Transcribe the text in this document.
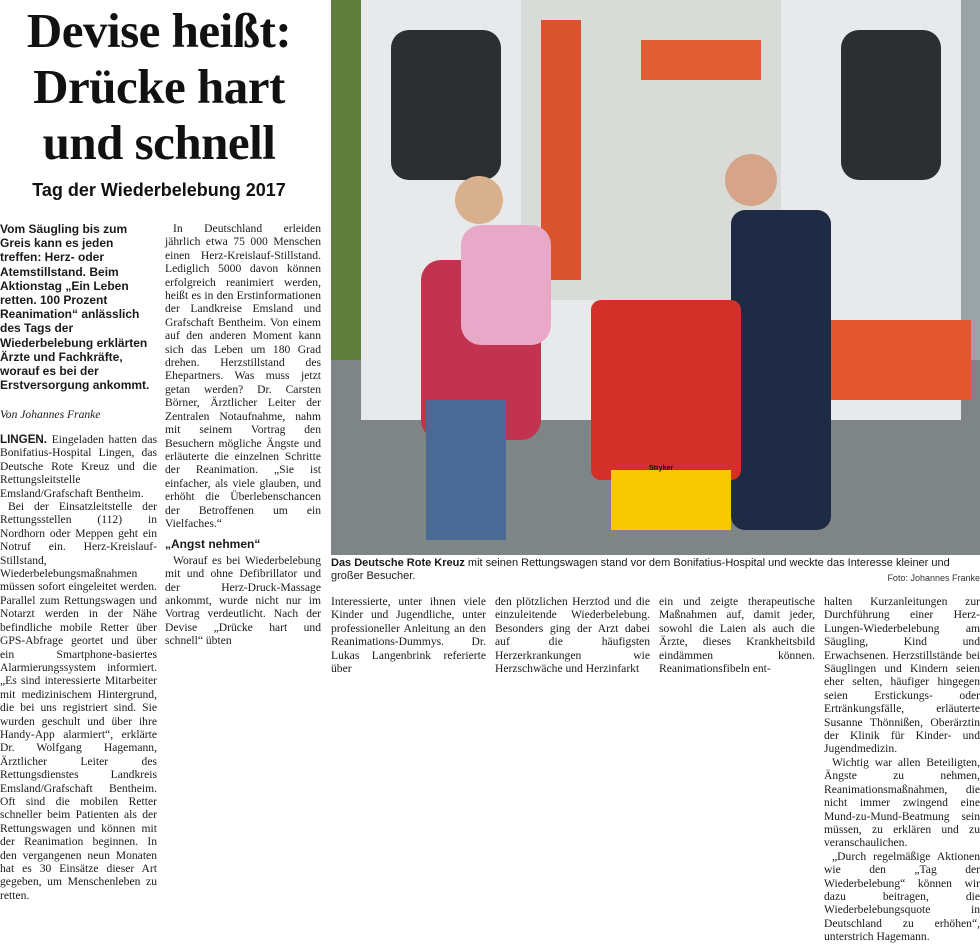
Devise heißt:
Drücke hart
und schnell
Tag der Wiederbelebung 2017
Vom Säugling bis zum Greis kann es jeden treffen: Herz- oder Atemstillstand. Beim Aktionstag „Ein Leben retten. 100 Prozent Reanimation“ anlässlich des Tags der Wiederbelebung erklärten Ärzte und Fachkräfte, worauf es bei der Erstversorgung ankommt.
Von Johannes Franke

LINGEN. Eingeladen hatten das Bonifatius-Hospital Lingen, das Deutsche Rote Kreuz und die Rettungsleitstelle Emsland/Grafschaft Bentheim.

Bei der Einsatzleitstelle der Rettungsstellen (112) in Nordhorn oder Meppen geht ein Notruf ein. Herz-Kreislauf-Stillstand, Wiederbelebungsmaßnahmen müssen sofort eingeleitet werden. Parallel zum Rettungswagen und Notarzt werden in der Nähe befindliche mobile Retter über GPS-Abfrage geortet und über ein Smartphone-basiertes Alarmierungssystem informiert. „Es sind interessierte Mitarbeiter mit medizinischem Hintergrund, die bei uns registriert sind. Sie wurden geschult und über ihre Handy-App alarmiert“, erklärte Dr. Wolfgang Hagemann, Ärztlicher Leiter des Rettungsdienstes Landkreis Emsland/Grafschaft Bentheim. Oft sind die mobilen Retter schneller beim Patienten als der Rettungswagen und können mit der Reanimation beginnen. In den vergangenen neun Monaten hat es 30 Einsätze dieser Art gegeben, um Menschenleben zu retten.

In Deutschland erleiden jährlich etwa 75 000 Menschen einen Herz-Kreislauf-Stillstand. Lediglich 5000 davon können erfolgreich reanimiert werden, heißt es in den Erstinformationen der Landkreise Emsland und Grafschaft Bentheim. Von einem auf den anderen Moment kann sich das Leben um 180 Grad drehen. Herzstillstand des Ehepartners. Was muss jetzt getan werden? Dr. Carsten Börner, Ärztlicher Leiter der Zentralen Notaufnahme, nahm mit seinem Vortrag den Besuchern mögliche Ängste und erläuterte die einzelnen Schritte der Reanimation. „Sie ist einfacher, als viele glauben, und erhöht die Überlebenschancen der Betroffenen um ein Vielfaches.“

„Angst nehmen“

Worauf es bei Wiederbelebung mit und ohne Defibrillator und der Herz-Druck-Massage ankommt, wurde nicht nur im Vortrag verdeutlicht. Nach der Devise „Drücke hart und schnell“ übten

Stryker
Das Deutsche Rote Kreuz mit seinen Rettungswagen stand vor dem Bonifatius-Hospital und weckte das Interesse kleiner und großer Besucher.	Foto: Johannes Franke

Interessierte, unter ihnen viele Kinder und Jugendliche, unter professioneller Anleitung an den Reanimations-Dummys. Dr. Lukas Langenbrink referierte über

den plötzlichen Herztod und die einzuleitende Wiederbelebung. Besonders ging der Arzt dabei auf die häufigsten Herzerkrankungen wie Herzschwäche und Herzinfarkt

ein und zeigte therapeutische Maßnahmen auf, damit jeder, sowohl die Laien als auch die Ärzte, dieses Krankheitsbild eindämmen können. Reanimationsfibeln ent-

halten Kurzanleitungen zur Durchführung einer Herz-Lungen-Wiederbelebung am Säugling, Kind und Erwachsenen. Herzstillstände bei Säuglingen und Kindern seien eher selten, häufiger hingegen seien Erstickungs- oder Ertränkungsfälle, erläuterte Susanne Thönnißen, Oberärztin der Klinik für Kinder- und Jugendmedizin.

Wichtig war allen Beteiligten, Ängste zu nehmen, Reanimationsmaßnahmen, die nicht immer zwingend eine Mund-zu-Mund-Beatmung sein müssen, zu erklären und zu veranschaulichen.

„Durch regelmäßige Aktionen wie den „Tag der Wiederbelebung“ können wir dazu beitragen, die Wiederbelebungsquote in Deutschland zu erhöhen“, unterstrich Hagemann.
